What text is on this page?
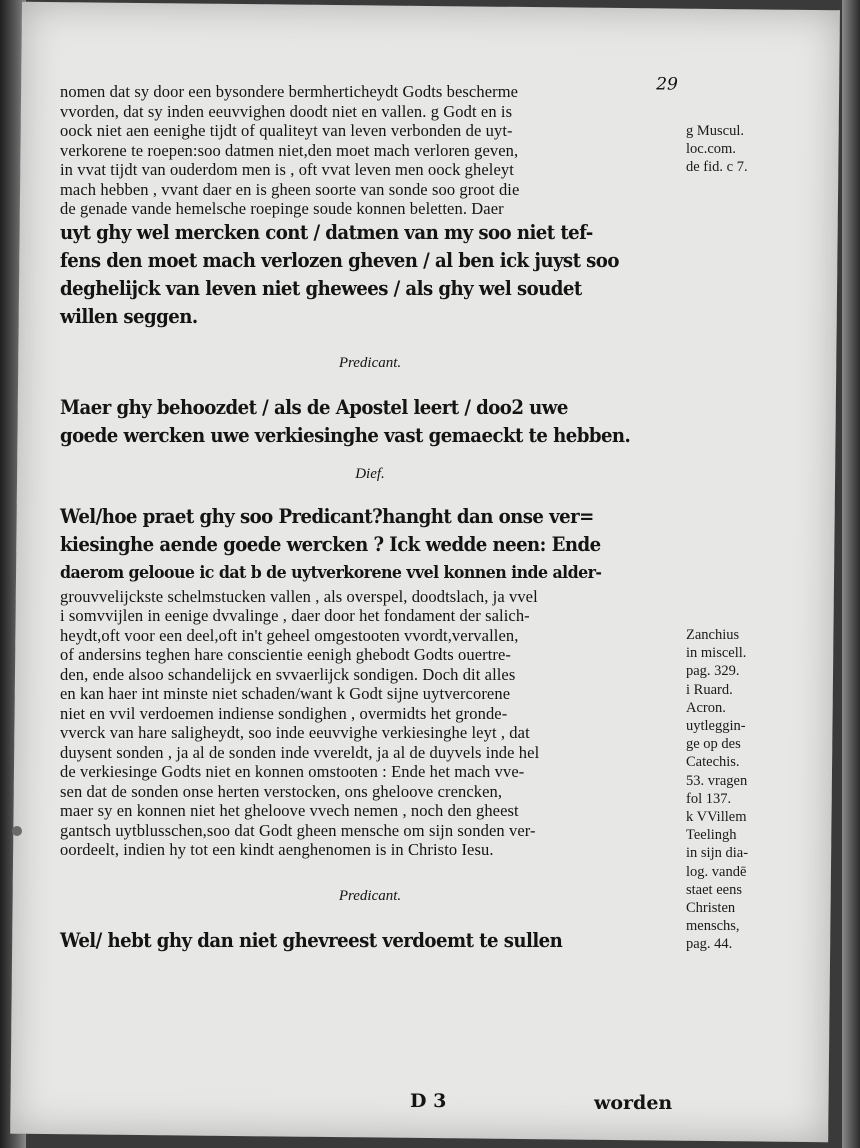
29
nomen dat sy door een bysondere bermherticheydt Godts bescherme
vvorden, dat sy inden eeuvvighen doodt niet en vallen. g Godt en is
oock niet aen eenighe tijdt of qualiteyt van leven verbonden de uyt-
verkorene te roepen:soo datmen niet,den moet mach verloren geven,
in vvat tijdt van ouderdom men is , oft vvat leven men oock gheleyt
mach hebben , vvant daer en is gheen soorte van sonde soo groot die
de genade vande hemelsche roepinge soude konnen beletten. Daer
uyt ghy wel mercken cont / datmen van my soo niet tef-
fens den moet mach verlozen gheven / al ben ick juyst soo
deghelijck van leven niet ghewees / als ghy wel soudet
willen seggen.
Predicant.
Maer ghy behoozdet / als de Apostel leert / doo2 uwe
goede wercken uwe verkiesinghe vast gemaeckt te hebben.
Dief.
Wel/hoe praet ghy soo Predicant?hanght dan onse ver=
kiesinghe aende goede wercken ? Ick wedde neen: Ende
daerom gelooue ic dat b de uytverkorene vvel konnen inde alder-
grouvvelijckste schelmstucken vallen , als overspel, doodtslach, ja vvel
i somvvijlen in eenige dvvalinge , daer door het fondament der salich-
heydt,oft voor een deel,oft in't geheel omgestooten vvordt,vervallen,
of andersins teghen hare conscientie eenigh ghebodt Godts ouertre-
den, ende alsoo schandelijck en svvaerlijck sondigen. Doch dit alles
en kan haer int minste niet schaden/want k Godt sijne uytvercorene
niet en vvil verdoemen indiense sondighen , overmidts het gronde-
vverck van hare saligheydt, soo inde eeuvvighe verkiesinghe leyt , dat
duysent sonden , ja al de sonden inde vvereldt, ja al de duyvels inde hel
de verkiesinge Godts niet en konnen omstooten : Ende het mach vve-
sen dat de sonden onse herten verstocken, ons gheloove crencken,
maer sy en konnen niet het gheloove vvech nemen , noch den gheest
gantsch uytblusschen,soo dat Godt gheen mensche om sijn sonden ver-
oordeelt, indien hy tot een kindt aenghenomen is in Christo Iesu.
Predicant.
Wel/ hebt ghy dan niet ghevreest verdoemt te sullen
D 3	worden
g Muscul.
loc.com.
de fid. c 7.
Zanchius
in miscell.
pag. 329.
i Ruard.
Acron.
uytleggin-
ge op des
Catechis.
53. vragen
fol 137.
k VVillem
Teelingh
in sijn dia-
log. vandē
staet eens
Christen
menschs,
pag. 44.
